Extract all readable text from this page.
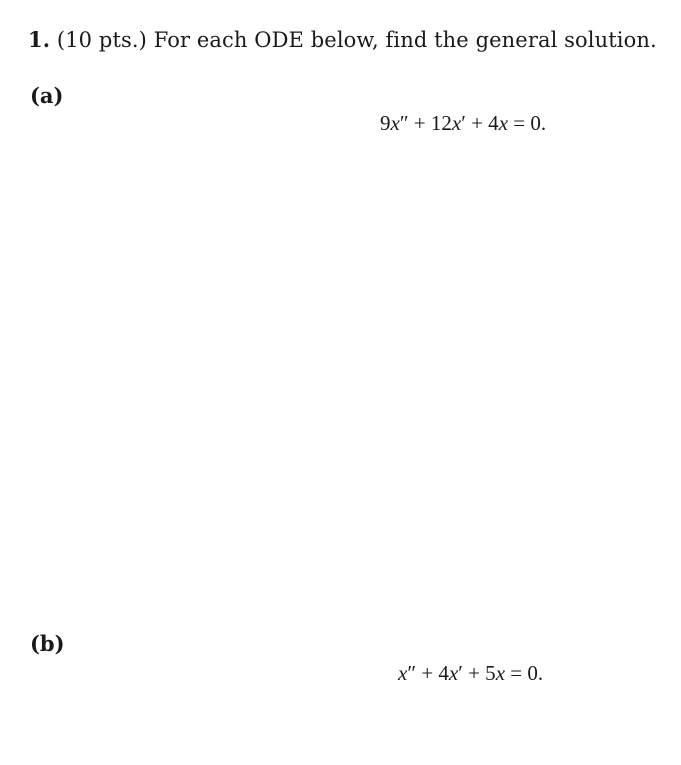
1. (10 pts.) For each ODE below, find the general solution.
(a)
9x″ + 12x′ + 4x = 0.
(b)
x″ + 4x′ + 5x = 0.
